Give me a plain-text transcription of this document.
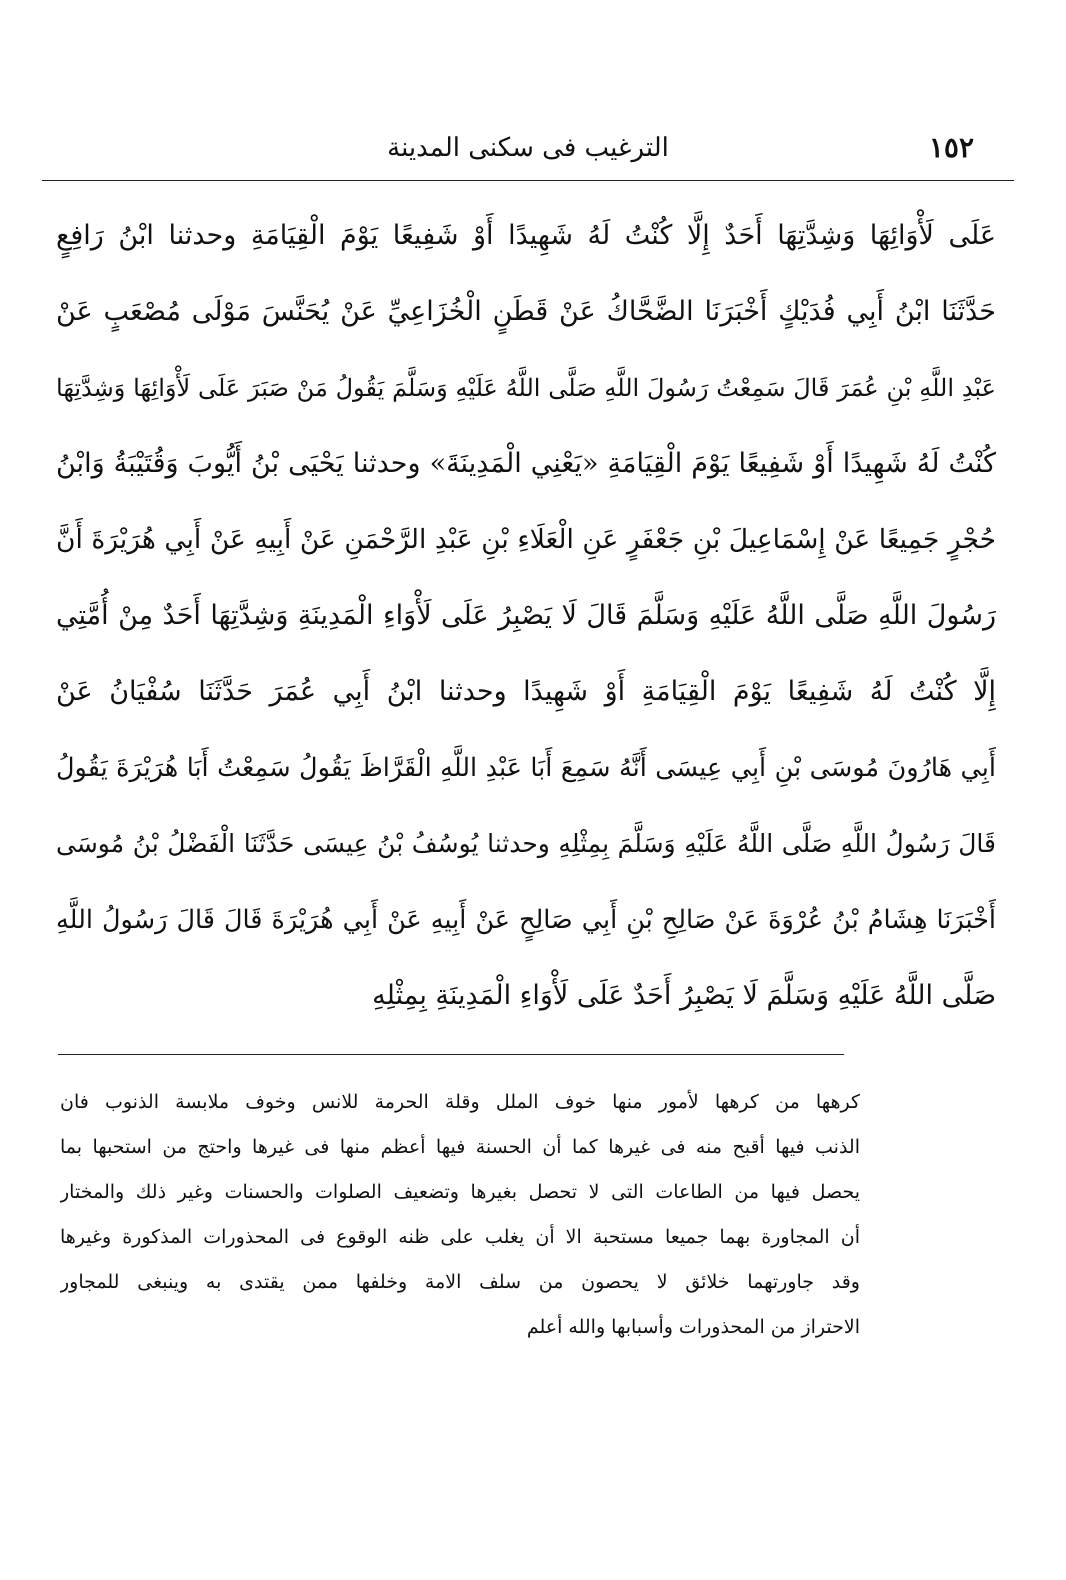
الترغيب فى سكنى المدينة	١٥٢
عَلَى لَأْوَائِهَا وَشِدَّتِهَا أَحَدٌ إِلَّا كُنْتُ لَهُ شَهِيدًا أَوْ شَفِيعًا يَوْمَ الْقِيَامَةِ وحدثنا ابْنُ رَافِعٍ
حَدَّثَنَا ابْنُ أَبِي فُدَيْكٍ أَخْبَرَنَا الضَّحَّاكُ عَنْ قَطَنٍ الْخُزَاعِيِّ عَنْ يُحَنَّسَ مَوْلَى مُصْعَبٍ عَنْ
عَبْدِ اللَّهِ بْنِ عُمَرَ قَالَ سَمِعْتُ رَسُولَ اللَّهِ صَلَّى اللَّهُ عَلَيْهِ وَسَلَّمَ يَقُولُ مَنْ صَبَرَ عَلَى لَأْوَائِهَا وَشِدَّتِهَا
كُنْتُ لَهُ شَهِيدًا أَوْ شَفِيعًا يَوْمَ الْقِيَامَةِ «يَعْنِي الْمَدِينَةَ» وحدثنا يَحْيَى بْنُ أَيُّوبَ وَقُتَيْبَةُ وَابْنُ
حُجْرٍ جَمِيعًا عَنْ إِسْمَاعِيلَ بْنِ جَعْفَرٍ عَنِ الْعَلَاءِ بْنِ عَبْدِ الرَّحْمَنِ عَنْ أَبِيهِ عَنْ أَبِي هُرَيْرَةَ أَنَّ
رَسُولَ اللَّهِ صَلَّى اللَّهُ عَلَيْهِ وَسَلَّمَ قَالَ لَا يَصْبِرُ عَلَى لَأْوَاءِ الْمَدِينَةِ وَشِدَّتِهَا أَحَدٌ مِنْ أُمَّتِي
إِلَّا كُنْتُ لَهُ شَفِيعًا يَوْمَ الْقِيَامَةِ أَوْ شَهِيدًا وحدثنا ابْنُ أَبِي عُمَرَ حَدَّثَنَا سُفْيَانُ عَنْ
أَبِي هَارُونَ مُوسَى بْنِ أَبِي عِيسَى أَنَّهُ سَمِعَ أَبَا عَبْدِ اللَّهِ الْقَرَّاظَ يَقُولُ سَمِعْتُ أَبَا هُرَيْرَةَ يَقُولُ
قَالَ رَسُولُ اللَّهِ صَلَّى اللَّهُ عَلَيْهِ وَسَلَّمَ بِمِثْلِهِ وحدثنا يُوسُفُ بْنُ عِيسَى حَدَّثَنَا الْفَضْلُ بْنُ مُوسَى
أَخْبَرَنَا هِشَامُ بْنُ عُرْوَةَ عَنْ صَالِحِ بْنِ أَبِي صَالِحٍ عَنْ أَبِيهِ عَنْ أَبِي هُرَيْرَةَ قَالَ قَالَ رَسُولُ اللَّهِ
صَلَّى اللَّهُ عَلَيْهِ وَسَلَّمَ لَا يَصْبِرُ أَحَدٌ عَلَى لَأْوَاءِ الْمَدِينَةِ بِمِثْلِهِ
كرهها من كرهها لأمور منها خوف الملل وقلة الحرمة للانس وخوف ملابسة الذنوب فان
الذنب فيها أقبح منه فى غيرها كما أن الحسنة فيها أعظم منها فى غيرها واحتج من استحبها بما
يحصل فيها من الطاعات التى لا تحصل بغيرها وتضعيف الصلوات والحسنات وغير ذلك والمختار
أن المجاورة بهما جميعا مستحبة الا أن يغلب على ظنه الوقوع فى المحذورات المذكورة وغيرها
وقد جاورتهما خلائق لا يحصون من سلف الامة وخلفها ممن يقتدى به وينبغى للمجاور
الاحتراز من المحذورات وأسبابها والله أعلم
